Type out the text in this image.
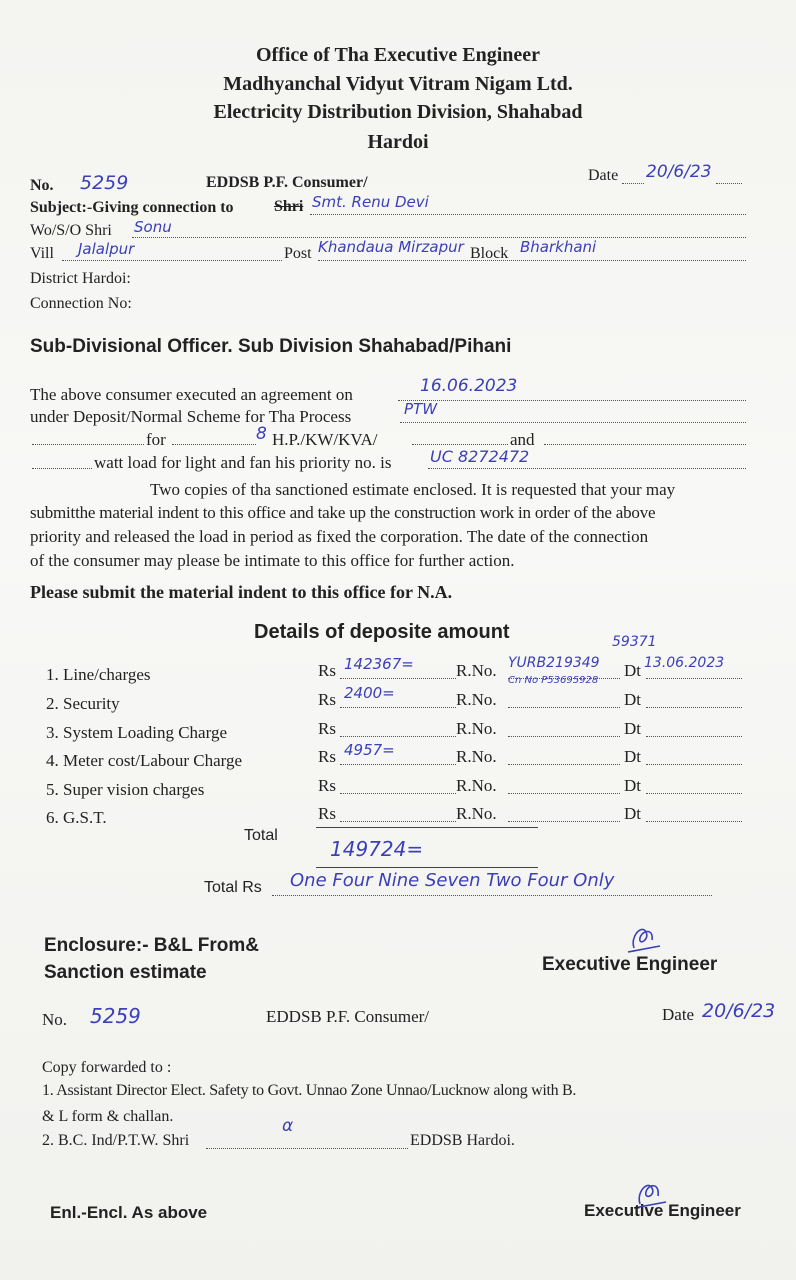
Office of Tha Executive Engineer
Madhyanchal Vidyut Vitram Nigam Ltd.
Electricity Distribution Division, Shahabad
Hardoi
No. 5259	EDDSB P.F. Consumer/	Date 20/6/23
Subject:-Giving connection to	Shri Smt. Renu Devi
Wo/S/O Shri Sonu
Vill Jalalpur	Post Khandaua Mirzapur Block Bharkhani
District Hardoi:
Connection No:
Sub-Divisional Officer. Sub Division Shahabad/Pihani
The above consumer executed an agreement on	16.06.2023
under Deposit/Normal Scheme for Tha Process	PTW
for	8 H.P./KW/KVA/	and
watt load for light and fan his priority no. is UC 8272472
Two copies of tha sanctioned estimate enclosed. It is requested that your may
submitthe material indent to this office and take up the construction work in order of the above
priority and released the load in period as fixed the corporation. The date of the connection
of the consumer may please be intimate to this office for further action.
Please submit the material indent to this office for N.A.
Details of deposite amount	59371
1. Line/charges	Rs 142367= R.No. YURB219349 Dt 13.06.2023
2. Security	Rs 2400=	R.No.	Dt
3. System Loading Charge	Rs	R.No.	Dt
4. Meter cost/Labour Charge	Rs 4957=	R.No.	Dt
5. Super vision charges	Rs	R.No.	Dt
6. G.S.T.	Rs	R.No.	Dt
Cn No P53695928
Total
149724=
Total Rs One Four Nine Seven Two Four Only
Enclosure:- B&L From&
Sanction estimate	Executive Engineer
No. 5259	EDDSB P.F. Consumer/	Date 20/6/23
Copy forwarded to :
1. Assistant Director Elect. Safety to Govt. Unnao Zone Unnao/Lucknow along with B.
& L form & challan.
2. B.C. Ind/P.T.W. Shri
α
EDDSB Hardoi.
Enl.-Encl. As above	Executive Engineer
